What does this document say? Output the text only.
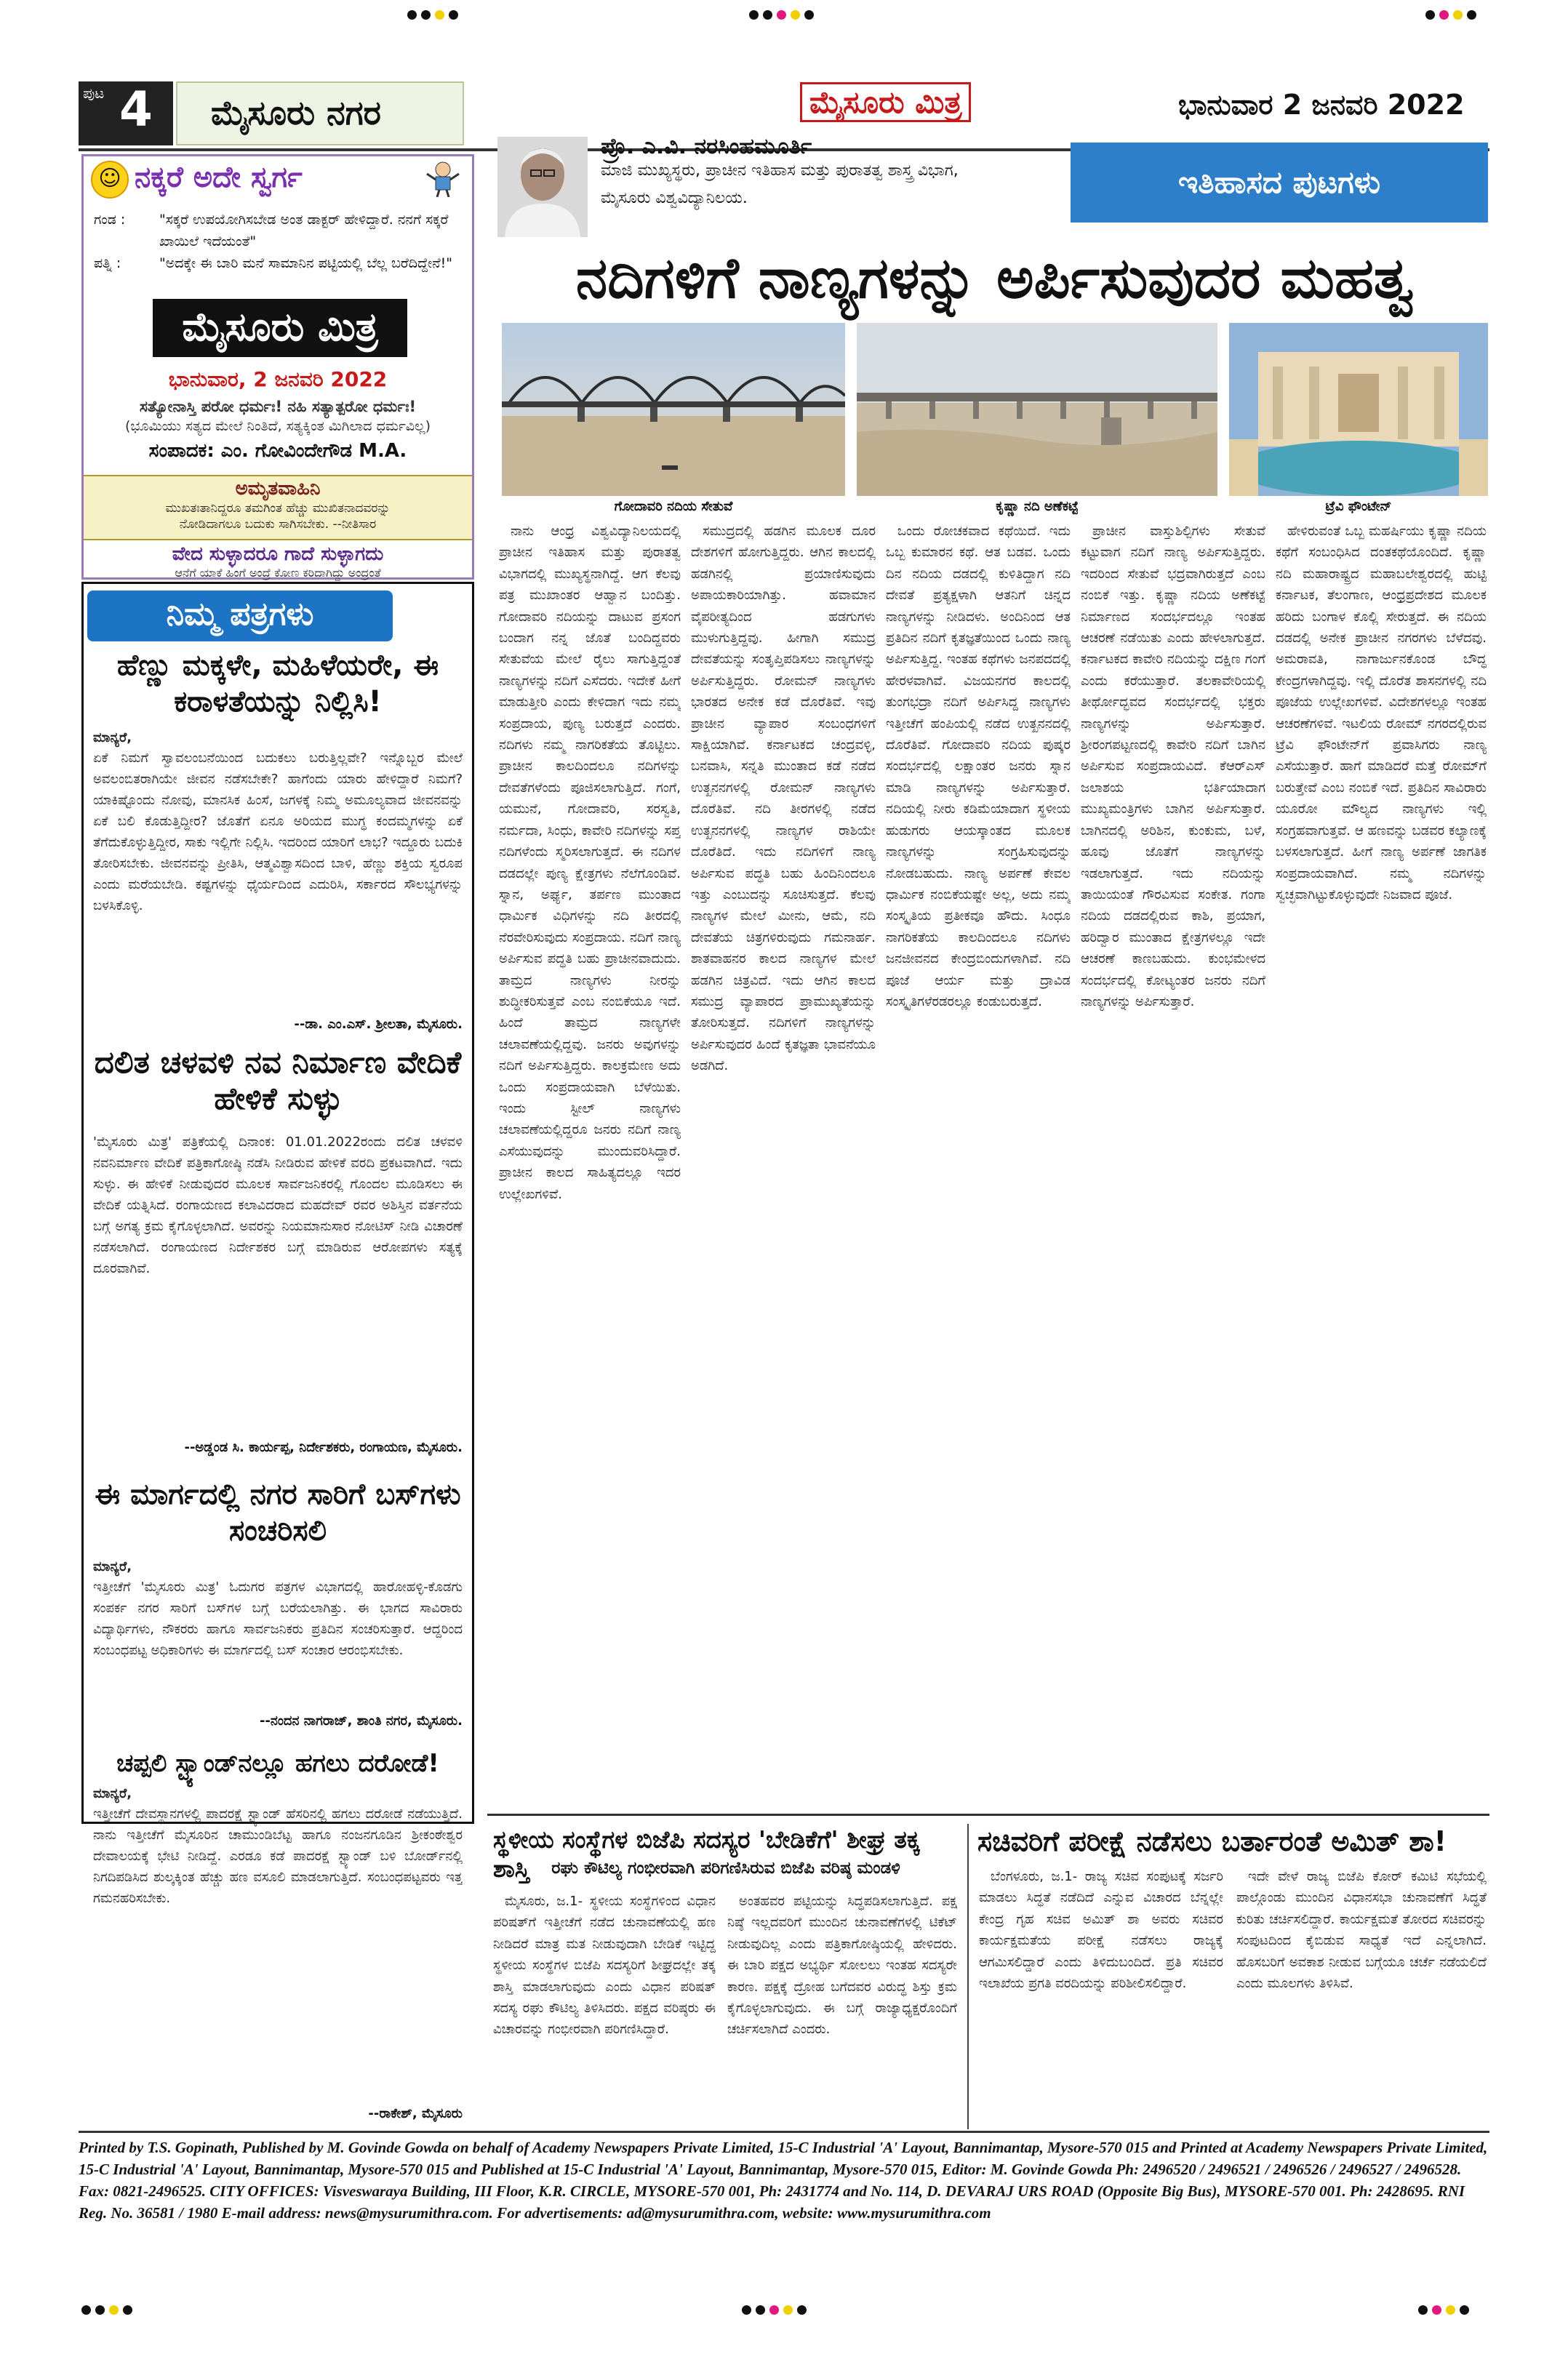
ಪುಟ 4	ಮೈಸೂರು ನಗರ	ಮೈಸೂರು ಮಿತ್ರ	ಭಾನುವಾರ 2 ಜನವರಿ 2022
☺ ನಕ್ಕರೆ ಅದೇ ಸ್ವರ್ಗ
ಗಂಡ :	"ಸಕ್ಕರೆ ಉಪಯೋಗಿಸಬೇಡ ಅಂತ ಡಾಕ್ಟರ್ ಹೇಳಿದ್ದಾರೆ. ನನಗೆ ಸಕ್ಕರೆ ಖಾಯಿಲೆ ಇದೆಯಂತೆ"
ಪತ್ನಿ :	"ಅದಕ್ಕೇ ಈ ಬಾರಿ ಮನೆ ಸಾಮಾನಿನ ಪಟ್ಟಿಯಲ್ಲಿ ಬೆಲ್ಲ ಬರೆದಿದ್ದೇನೆ!"
ಮೈಸೂರು ಮಿತ್ರ
ಭಾನುವಾರ, 2 ಜನವರಿ 2022
ಸತ್ಯೋನಾಸ್ತಿ ಪರೋ ಧರ್ಮಃ! ನಹಿ ಸತ್ಯಾತ್ಪರೋ ಧರ್ಮಃ!
(ಭೂಮಿಯು ಸತ್ಯದ ಮೇಲೆ ನಿಂತಿದೆ, ಸತ್ಯಕ್ಕಿಂತ ಮಿಗಿಲಾದ ಧರ್ಮವಿಲ್ಲ)
ಸಂಪಾದಕ: ಎಂ. ಗೋವಿಂದೇಗೌಡ M.A.
ಅಮೃತವಾಹಿನಿ
ಮುಖತಃತಾನಿದ್ದರೂ ತಮಗಿಂತ ಹೆಚ್ಚು ಮುಖಿತನಾದವರನ್ನು
ನೋಡಿದಾಗಲೂ ಬದುಕು ಸಾಗಿಸಬೇಕು. --ನೀತಿಸಾರ
ವೇದ ಸುಳ್ಳಾದರೂ ಗಾದೆ ಸುಳ್ಳಾಗದು
ಆನೆಗೆ ಯಾಕೆ ಹಿಂಗೆ ಅಂದ್ರೆ ಕೋಣ ಕರಿದಾಗಿದ್ದು ಅಂದ್ರಂತೆ
ನಿಮ್ಮ ಪತ್ರಗಳು
ಹೆಣ್ಣು ಮಕ್ಕಳೇ, ಮಹಿಳೆಯರೇ, ಈ ಕರಾಳತೆಯನ್ನು ನಿಲ್ಲಿಸಿ!
ಮಾನ್ಯರೆ,
ಏಕೆ ನಿಮಗೆ ಸ್ವಾವಲಂಬನೆಯಿಂದ ಬದುಕಲು ಬರುತ್ತಿಲ್ಲವೇ? ಇನ್ನೊಬ್ಬರ ಮೇಲೆ ಅವಲಂಬಿತರಾಗಿಯೇ ಜೀವನ ನಡೆಸಬೇಕೇ? ಹಾಗೆಂದು ಯಾರು ಹೇಳಿದ್ದಾರೆ ನಿಮಗೆ? ಯಾಕಿಷ್ಟೊಂದು ನೋವು, ಮಾನಸಿಕ ಹಿಂಸೆ, ಜಗಳಕ್ಕೆ ನಿಮ್ಮ ಅಮೂಲ್ಯವಾದ ಜೀವನವನ್ನು ಏಕೆ ಬಲಿ ಕೊಡುತ್ತಿದ್ದೀರ? ಜೊತೆಗೆ ಏನೂ ಅರಿಯದ ಮುಗ್ಧ ಕಂದಮ್ಮಗಳನ್ನು ಏಕೆ ತೆಗೆದುಕೊಳ್ಳುತ್ತಿದ್ದೀರ, ಸಾಕು ಇಲ್ಲಿಗೇ ನಿಲ್ಲಿಸಿ. ಇದರಿಂದ ಯಾರಿಗೆ ಲಾಭ? ಇದ್ದೂರು ಬದುಕಿ ತೋರಿಸಬೇಕು. ಜೀವನವನ್ನು ಪ್ರೀತಿಸಿ, ಆತ್ಮವಿಶ್ವಾಸದಿಂದ ಬಾಳಿ, ಹೆಣ್ಣು ಶಕ್ತಿಯ ಸ್ವರೂಪ ಎಂದು ಮರೆಯಬೇಡಿ. ಕಷ್ಟಗಳನ್ನು ಧೈರ್ಯದಿಂದ ಎದುರಿಸಿ, ಸರ್ಕಾರದ ಸೌಲಭ್ಯಗಳನ್ನು ಬಳಸಿಕೊಳ್ಳಿ.
--ಡಾ. ಎಂ.ಎಸ್. ಶ್ರೀಲತಾ, ಮೈಸೂರು.
ದಲಿತ ಚಳವಳಿ ನವ ನಿರ್ಮಾಣ ವೇದಿಕೆ ಹೇಳಿಕೆ ಸುಳ್ಳು
'ಮೈಸೂರು ಮಿತ್ರ' ಪತ್ರಿಕೆಯಲ್ಲಿ ದಿನಾಂಕ: 01.01.2022ರಂದು ದಲಿತ ಚಳವಳಿ ನವನಿರ್ಮಾಣ ವೇದಿಕೆ ಪತ್ರಿಕಾಗೋಷ್ಠಿ ನಡೆಸಿ ನೀಡಿರುವ ಹೇಳಿಕೆ ವರದಿ ಪ್ರಕಟವಾಗಿದೆ. ಇದು ಸುಳ್ಳು. ಈ ಹೇಳಿಕೆ ನೀಡುವುದರ ಮೂಲಕ ಸಾರ್ವಜನಿಕರಲ್ಲಿ ಗೊಂದಲ ಮೂಡಿಸಲು ಈ ವೇದಿಕೆ ಯತ್ನಿಸಿದೆ. ರಂಗಾಯಣದ ಕಲಾವಿದರಾದ ಮಹದೇವ್ ರವರ ಅಶಿಸ್ತಿನ ವರ್ತನೆಯ ಬಗ್ಗೆ ಅಗತ್ಯ ಕ್ರಮ ಕೈಗೊಳ್ಳಲಾಗಿದೆ. ಅವರನ್ನು ನಿಯಮಾನುಸಾರ ನೋಟಿಸ್ ನೀಡಿ ವಿಚಾರಣೆ ನಡೆಸಲಾಗಿದೆ. ರಂಗಾಯಣದ ನಿರ್ದೇಶಕರ ಬಗ್ಗೆ ಮಾಡಿರುವ ಆರೋಪಗಳು ಸತ್ಯಕ್ಕೆ ದೂರವಾಗಿವೆ.
--ಅಡ್ಡಂಡ ಸಿ. ಕಾರ್ಯಪ್ಪ, ನಿರ್ದೇಶಕರು, ರಂಗಾಯಣ, ಮೈಸೂರು.
ಈ ಮಾರ್ಗದಲ್ಲಿ ನಗರ ಸಾರಿಗೆ ಬಸ್‌ಗಳು ಸಂಚರಿಸಲಿ
ಮಾನ್ಯರೆ,
ಇತ್ತೀಚೆಗೆ 'ಮೈಸೂರು ಮಿತ್ರ' ಓದುಗರ ಪತ್ರಗಳ ವಿಭಾಗದಲ್ಲಿ ಹಾರೋಹಳ್ಳಿ-ಕೊಡಗು ಸಂಪರ್ಕ ನಗರ ಸಾರಿಗೆ ಬಸ್‌ಗಳ ಬಗ್ಗೆ ಬರೆಯಲಾಗಿತ್ತು. ಈ ಭಾಗದ ಸಾವಿರಾರು ವಿದ್ಯಾರ್ಥಿಗಳು, ನೌಕರರು ಹಾಗೂ ಸಾರ್ವಜನಿಕರು ಪ್ರತಿದಿನ ಸಂಚರಿಸುತ್ತಾರೆ. ಆದ್ದರಿಂದ ಸಂಬಂಧಪಟ್ಟ ಅಧಿಕಾರಿಗಳು ಈ ಮಾರ್ಗದಲ್ಲಿ ಬಸ್ ಸಂಚಾರ ಆರಂಭಿಸಬೇಕು.
--ನಂದನ ನಾಗರಾಜ್, ಶಾಂತಿ ನಗರ, ಮೈಸೂರು.
ಚಪ್ಪಲಿ ಸ್ಟ್ಯಾಂಡ್‌ನಲ್ಲೂ ಹಗಲು ದರೋಡೆ!
ಮಾನ್ಯರೆ,
ಇತ್ತೀಚೆಗೆ ದೇವಸ್ಥಾನಗಳಲ್ಲಿ ಪಾದರಕ್ಷೆ ಸ್ಟ್ಯಾಂಡ್ ಹೆಸರಿನಲ್ಲಿ ಹಗಲು ದರೋಡೆ ನಡೆಯುತ್ತಿದೆ. ನಾನು ಇತ್ತೀಚೆಗೆ ಮೈಸೂರಿನ ಚಾಮುಂಡಿಬೆಟ್ಟ ಹಾಗೂ ನಂಜನಗೂಡಿನ ಶ್ರೀಕಂಠೇಶ್ವರ ದೇವಾಲಯಕ್ಕೆ ಭೇಟಿ ನೀಡಿದ್ದೆ. ಎರಡೂ ಕಡೆ ಪಾದರಕ್ಷೆ ಸ್ಟ್ಯಾಂಡ್ ಬಳಿ ಬೋರ್ಡ್‌ನಲ್ಲಿ ನಿಗದಿಪಡಿಸಿದ ಶುಲ್ಕಕ್ಕಿಂತ ಹೆಚ್ಚು ಹಣ ವಸೂಲಿ ಮಾಡಲಾಗುತ್ತಿದೆ. ಸಂಬಂಧಪಟ್ಟವರು ಇತ್ತ ಗಮನಹರಿಸಬೇಕು.
--ರಾಕೇಶ್, ಮೈಸೂರು
ಪ್ರೊ. ಎ.ವಿ. ನರಸಿಂಹಮೂರ್ತಿ
ಮಾಜಿ ಮುಖ್ಯಸ್ಥರು, ಪ್ರಾಚೀನ ಇತಿಹಾಸ ಮತ್ತು ಪುರಾತತ್ವ ಶಾಸ್ತ್ರ ವಿಭಾಗ,
ಮೈಸೂರು ವಿಶ್ವವಿದ್ಯಾನಿಲಯ.	ಇತಿಹಾಸದ ಪುಟಗಳು
ನದಿಗಳಿಗೆ ನಾಣ್ಯಗಳನ್ನು ಅರ್ಪಿಸುವುದರ ಮಹತ್ವ
ಗೋದಾವರಿ ನದಿಯ ಸೇತುವೆ	ಕೃಷ್ಣಾ ನದಿ ಅಣೆಕಟ್ಟೆ	ಟ್ರೆವಿ ಫೌಂಟೇನ್

ನಾನು ಆಂಧ್ರ ವಿಶ್ವವಿದ್ಯಾನಿಲಯದಲ್ಲಿ ಪ್ರಾಚೀನ ಇತಿಹಾಸ ಮತ್ತು ಪುರಾತತ್ವ ವಿಭಾಗದಲ್ಲಿ ಮುಖ್ಯಸ್ಥನಾಗಿದ್ದೆ. ಆಗ ಕೆಲವು ಪತ್ರ ಮುಖಾಂತರ ಆಹ್ವಾನ ಬಂದಿತ್ತು. ಗೋದಾವರಿ ನದಿಯನ್ನು ದಾಟುವ ಪ್ರಸಂಗ ಬಂದಾಗ ನನ್ನ ಜೊತೆ ಬಂದಿದ್ದವರು ಸೇತುವೆಯ ಮೇಲೆ ರೈಲು ಸಾಗುತ್ತಿದ್ದಂತೆ ನಾಣ್ಯಗಳನ್ನು ನದಿಗೆ ಎಸೆದರು. ಇದೇಕೆ ಹೀಗೆ ಮಾಡುತ್ತೀರಿ ಎಂದು ಕೇಳಿದಾಗ ಇದು ನಮ್ಮ ಸಂಪ್ರದಾಯ, ಪುಣ್ಯ ಬರುತ್ತದೆ ಎಂದರು. ನದಿಗಳು ನಮ್ಮ ನಾಗರಿಕತೆಯ ತೊಟ್ಟಿಲು. ಪ್ರಾಚೀನ ಕಾಲದಿಂದಲೂ ನದಿಗಳನ್ನು ದೇವತೆಗಳೆಂದು ಪೂಜಿಸಲಾಗುತ್ತಿದೆ. ಗಂಗೆ, ಯಮುನೆ, ಗೋದಾವರಿ, ಸರಸ್ವತಿ, ನರ್ಮದಾ, ಸಿಂಧು, ಕಾವೇರಿ ನದಿಗಳನ್ನು ಸಪ್ತ ನದಿಗಳೆಂದು ಸ್ಮರಿಸಲಾಗುತ್ತದೆ. ಈ ನದಿಗಳ ದಡದಲ್ಲೇ ಪುಣ್ಯ ಕ್ಷೇತ್ರಗಳು ನೆಲೆಗೊಂಡಿವೆ. ಸ್ನಾನ, ಅರ್ಘ್ಯ, ತರ್ಪಣ ಮುಂತಾದ ಧಾರ್ಮಿಕ ವಿಧಿಗಳನ್ನು ನದಿ ತೀರದಲ್ಲಿ ನೆರವೇರಿಸುವುದು ಸಂಪ್ರದಾಯ. ನದಿಗೆ ನಾಣ್ಯ ಅರ್ಪಿಸುವ ಪದ್ಧತಿ ಬಹು ಪ್ರಾಚೀನವಾದುದು. ತಾಮ್ರದ ನಾಣ್ಯಗಳು ನೀರನ್ನು ಶುದ್ಧೀಕರಿಸುತ್ತವೆ ಎಂಬ ನಂಬಿಕೆಯೂ ಇದೆ. ಹಿಂದೆ ತಾಮ್ರದ ನಾಣ್ಯಗಳೇ ಚಲಾವಣೆಯಲ್ಲಿದ್ದವು. ಜನರು ಅವುಗಳನ್ನು ನದಿಗೆ ಅರ್ಪಿಸುತ್ತಿದ್ದರು. ಕಾಲಕ್ರಮೇಣ ಅದು ಒಂದು ಸಂಪ್ರದಾಯವಾಗಿ ಬೆಳೆಯಿತು. ಇಂದು ಸ್ಟೀಲ್ ನಾಣ್ಯಗಳು ಚಲಾವಣೆಯಲ್ಲಿದ್ದರೂ ಜನರು ನದಿಗೆ ನಾಣ್ಯ ಎಸೆಯುವುದನ್ನು ಮುಂದುವರಿಸಿದ್ದಾರೆ. ಪ್ರಾಚೀನ ಕಾಲದ ಸಾಹಿತ್ಯದಲ್ಲೂ ಇದರ ಉಲ್ಲೇಖಗಳಿವೆ.

ಸಮುದ್ರದಲ್ಲಿ ಹಡಗಿನ ಮೂಲಕ ದೂರ ದೇಶಗಳಿಗೆ ಹೋಗುತ್ತಿದ್ದರು. ಆಗಿನ ಕಾಲದಲ್ಲಿ ಹಡಗಿನಲ್ಲಿ ಪ್ರಯಾಣಿಸುವುದು ಅಪಾಯಕಾರಿಯಾಗಿತ್ತು. ಹವಾಮಾನ ವೈಪರೀತ್ಯದಿಂದ ಹಡಗುಗಳು ಮುಳುಗುತ್ತಿದ್ದವು. ಹೀಗಾಗಿ ಸಮುದ್ರ ದೇವತೆಯನ್ನು ಸಂತೃಪ್ತಿಪಡಿಸಲು ನಾಣ್ಯಗಳನ್ನು ಅರ್ಪಿಸುತ್ತಿದ್ದರು. ರೋಮನ್ ನಾಣ್ಯಗಳು ಭಾರತದ ಅನೇಕ ಕಡೆ ದೊರೆತಿವೆ. ಇವು ಪ್ರಾಚೀನ ವ್ಯಾಪಾರ ಸಂಬಂಧಗಳಿಗೆ ಸಾಕ್ಷಿಯಾಗಿವೆ. ಕರ್ನಾಟಕದ ಚಂದ್ರವಳ್ಳಿ, ಬನವಾಸಿ, ಸನ್ನತಿ ಮುಂತಾದ ಕಡೆ ನಡೆದ ಉತ್ಖನನಗಳಲ್ಲಿ ರೋಮನ್ ನಾಣ್ಯಗಳು ದೊರೆತಿವೆ. ನದಿ ತೀರಗಳಲ್ಲಿ ನಡೆದ ಉತ್ಖನನಗಳಲ್ಲಿ ನಾಣ್ಯಗಳ ರಾಶಿಯೇ ದೊರೆತಿದೆ. ಇದು ನದಿಗಳಿಗೆ ನಾಣ್ಯ ಅರ್ಪಿಸುವ ಪದ್ಧತಿ ಬಹು ಹಿಂದಿನಿಂದಲೂ ಇತ್ತು ಎಂಬುದನ್ನು ಸೂಚಿಸುತ್ತದೆ. ಕೆಲವು ನಾಣ್ಯಗಳ ಮೇಲೆ ಮೀನು, ಆಮೆ, ನದಿ ದೇವತೆಯ ಚಿತ್ರಗಳಿರುವುದು ಗಮನಾರ್ಹ. ಶಾತವಾಹನರ ಕಾಲದ ನಾಣ್ಯಗಳ ಮೇಲೆ ಹಡಗಿನ ಚಿತ್ರವಿದೆ. ಇದು ಆಗಿನ ಕಾಲದ ಸಮುದ್ರ ವ್ಯಾಪಾರದ ಪ್ರಾಮುಖ್ಯತೆಯನ್ನು ತೋರಿಸುತ್ತದೆ. ನದಿಗಳಿಗೆ ನಾಣ್ಯಗಳನ್ನು ಅರ್ಪಿಸುವುದರ ಹಿಂದೆ ಕೃತಜ್ಞತಾ ಭಾವನೆಯೂ ಅಡಗಿದೆ.

ಒಂದು ರೋಚಕವಾದ ಕಥೆಯಿದೆ. ಇದು ಒಬ್ಬ ಕುಮಾರನ ಕಥೆ. ಆತ ಬಡವ. ಒಂದು ದಿನ ನದಿಯ ದಡದಲ್ಲಿ ಕುಳಿತಿದ್ದಾಗ ನದಿ ದೇವತೆ ಪ್ರತ್ಯಕ್ಷಳಾಗಿ ಆತನಿಗೆ ಚಿನ್ನದ ನಾಣ್ಯಗಳನ್ನು ನೀಡಿದಳು. ಅಂದಿನಿಂದ ಆತ ಪ್ರತಿದಿನ ನದಿಗೆ ಕೃತಜ್ಞತೆಯಿಂದ ಒಂದು ನಾಣ್ಯ ಅರ್ಪಿಸುತ್ತಿದ್ದ. ಇಂತಹ ಕಥೆಗಳು ಜನಪದದಲ್ಲಿ ಹೇರಳವಾಗಿವೆ. ವಿಜಯನಗರ ಕಾಲದಲ್ಲಿ ತುಂಗಭದ್ರಾ ನದಿಗೆ ಅರ್ಪಿಸಿದ್ದ ನಾಣ್ಯಗಳು ಇತ್ತೀಚೆಗೆ ಹಂಪಿಯಲ್ಲಿ ನಡೆದ ಉತ್ಖನನದಲ್ಲಿ ದೊರೆತಿವೆ. ಗೋದಾವರಿ ನದಿಯ ಪುಷ್ಕರ ಸಂದರ್ಭದಲ್ಲಿ ಲಕ್ಷಾಂತರ ಜನರು ಸ್ನಾನ ಮಾಡಿ ನಾಣ್ಯಗಳನ್ನು ಅರ್ಪಿಸುತ್ತಾರೆ. ನದಿಯಲ್ಲಿ ನೀರು ಕಡಿಮೆಯಾದಾಗ ಸ್ಥಳೀಯ ಹುಡುಗರು ಆಯಸ್ಕಾಂತದ ಮೂಲಕ ನಾಣ್ಯಗಳನ್ನು ಸಂಗ್ರಹಿಸುವುದನ್ನು ನೋಡಬಹುದು. ನಾಣ್ಯ ಅರ್ಪಣೆ ಕೇವಲ ಧಾರ್ಮಿಕ ನಂಬಿಕೆಯಷ್ಟೇ ಅಲ್ಲ, ಅದು ನಮ್ಮ ಸಂಸ್ಕೃತಿಯ ಪ್ರತೀಕವೂ ಹೌದು. ಸಿಂಧೂ ನಾಗರಿಕತೆಯ ಕಾಲದಿಂದಲೂ ನದಿಗಳು ಜನಜೀವನದ ಕೇಂದ್ರಬಿಂದುಗಳಾಗಿವೆ. ನದಿ ಪೂಜೆ ಆರ್ಯ ಮತ್ತು ದ್ರಾವಿಡ ಸಂಸ್ಕೃತಿಗಳೆರಡರಲ್ಲೂ ಕಂಡುಬರುತ್ತದೆ.

ಪ್ರಾಚೀನ ವಾಸ್ತುಶಿಲ್ಪಿಗಳು ಸೇತುವೆ ಕಟ್ಟುವಾಗ ನದಿಗೆ ನಾಣ್ಯ ಅರ್ಪಿಸುತ್ತಿದ್ದರು. ಇದರಿಂದ ಸೇತುವೆ ಭದ್ರವಾಗಿರುತ್ತದೆ ಎಂಬ ನಂಬಿಕೆ ಇತ್ತು. ಕೃಷ್ಣಾ ನದಿಯ ಅಣೆಕಟ್ಟೆ ನಿರ್ಮಾಣದ ಸಂದರ್ಭದಲ್ಲೂ ಇಂತಹ ಆಚರಣೆ ನಡೆಯಿತು ಎಂದು ಹೇಳಲಾಗುತ್ತದೆ. ಕರ್ನಾಟಕದ ಕಾವೇರಿ ನದಿಯನ್ನು ದಕ್ಷಿಣ ಗಂಗೆ ಎಂದು ಕರೆಯುತ್ತಾರೆ. ತಲಕಾವೇರಿಯಲ್ಲಿ ತೀರ್ಥೋದ್ಭವದ ಸಂದರ್ಭದಲ್ಲಿ ಭಕ್ತರು ನಾಣ್ಯಗಳನ್ನು ಅರ್ಪಿಸುತ್ತಾರೆ. ಶ್ರೀರಂಗಪಟ್ಟಣದಲ್ಲಿ ಕಾವೇರಿ ನದಿಗೆ ಬಾಗಿನ ಅರ್ಪಿಸುವ ಸಂಪ್ರದಾಯವಿದೆ. ಕೆಆರ್‌ಎಸ್ ಜಲಾಶಯ ಭರ್ತಿಯಾದಾಗ ಮುಖ್ಯಮಂತ್ರಿಗಳು ಬಾಗಿನ ಅರ್ಪಿಸುತ್ತಾರೆ. ಬಾಗಿನದಲ್ಲಿ ಅರಿಶಿನ, ಕುಂಕುಮ, ಬಳೆ, ಹೂವು ಜೊತೆಗೆ ನಾಣ್ಯಗಳನ್ನು ಇಡಲಾಗುತ್ತದೆ. ಇದು ನದಿಯನ್ನು ತಾಯಿಯಂತೆ ಗೌರವಿಸುವ ಸಂಕೇತ. ಗಂಗಾ ನದಿಯ ದಡದಲ್ಲಿರುವ ಕಾಶಿ, ಪ್ರಯಾಗ, ಹರಿದ್ವಾರ ಮುಂತಾದ ಕ್ಷೇತ್ರಗಳಲ್ಲೂ ಇದೇ ಆಚರಣೆ ಕಾಣಬಹುದು. ಕುಂಭಮೇಳದ ಸಂದರ್ಭದಲ್ಲಿ ಕೋಟ್ಯಂತರ ಜನರು ನದಿಗೆ ನಾಣ್ಯಗಳನ್ನು ಅರ್ಪಿಸುತ್ತಾರೆ.

ಹೇಳಿರುವಂತೆ ಒಬ್ಬ ಮಹರ್ಷಿಯು ಕೃಷ್ಣಾ ನದಿಯ ಕಥೆಗೆ ಸಂಬಂಧಿಸಿದ ದಂತಕಥೆಯೊಂದಿದೆ. ಕೃಷ್ಣಾ ನದಿ ಮಹಾರಾಷ್ಟ್ರದ ಮಹಾಬಲೇಶ್ವರದಲ್ಲಿ ಹುಟ್ಟಿ ಕರ್ನಾಟಕ, ತೆಲಂಗಾಣ, ಆಂಧ್ರಪ್ರದೇಶದ ಮೂಲಕ ಹರಿದು ಬಂಗಾಳ ಕೊಲ್ಲಿ ಸೇರುತ್ತದೆ. ಈ ನದಿಯ ದಡದಲ್ಲಿ ಅನೇಕ ಪ್ರಾಚೀನ ನಗರಗಳು ಬೆಳೆದವು. ಅಮರಾವತಿ, ನಾಗಾರ್ಜುನಕೊಂಡ ಬೌದ್ಧ ಕೇಂದ್ರಗಳಾಗಿದ್ದವು. ಇಲ್ಲಿ ದೊರೆತ ಶಾಸನಗಳಲ್ಲಿ ನದಿ ಪೂಜೆಯ ಉಲ್ಲೇಖಗಳಿವೆ. ವಿದೇಶಗಳಲ್ಲೂ ಇಂತಹ ಆಚರಣೆಗಳಿವೆ. ಇಟಲಿಯ ರೋಮ್ ನಗರದಲ್ಲಿರುವ ಟ್ರೆವಿ ಫೌಂಟೇನ್‌ಗೆ ಪ್ರವಾಸಿಗರು ನಾಣ್ಯ ಎಸೆಯುತ್ತಾರೆ. ಹಾಗೆ ಮಾಡಿದರೆ ಮತ್ತೆ ರೋಮ್‌ಗೆ ಬರುತ್ತೇವೆ ಎಂಬ ನಂಬಿಕೆ ಇದೆ. ಪ್ರತಿದಿನ ಸಾವಿರಾರು ಯೂರೋ ಮೌಲ್ಯದ ನಾಣ್ಯಗಳು ಇಲ್ಲಿ ಸಂಗ್ರಹವಾಗುತ್ತವೆ. ಆ ಹಣವನ್ನು ಬಡವರ ಕಲ್ಯಾಣಕ್ಕೆ ಬಳಸಲಾಗುತ್ತದೆ. ಹೀಗೆ ನಾಣ್ಯ ಅರ್ಪಣೆ ಜಾಗತಿಕ ಸಂಪ್ರದಾಯವಾಗಿದೆ. ನಮ್ಮ ನದಿಗಳನ್ನು ಸ್ವಚ್ಛವಾಗಿಟ್ಟುಕೊಳ್ಳುವುದೇ ನಿಜವಾದ ಪೂಜೆ.

ಸ್ಥಳೀಯ ಸಂಸ್ಥೆಗಳ ಬಿಜೆಪಿ ಸದಸ್ಯರ 'ಬೇಡಿಕೆಗೆ' ಶೀಘ್ರ ತಕ್ಕ ಶಾಸ್ತಿ	ರಘು ಕೌಟಿಲ್ಯ ಗಂಭೀರವಾಗಿ ಪರಿಗಣಿಸಿರುವ ಬಿಜೆಪಿ ವರಿಷ್ಠ ಮಂಡಳಿ

ಮೈಸೂರು, ಜ.1- ಸ್ಥಳೀಯ ಸಂಸ್ಥೆಗಳಿಂದ ವಿಧಾನ ಪರಿಷತ್‌ಗೆ ಇತ್ತೀಚೆಗೆ ನಡೆದ ಚುನಾವಣೆಯಲ್ಲಿ ಹಣ ನೀಡಿದರೆ ಮಾತ್ರ ಮತ ನೀಡುವುದಾಗಿ ಬೇಡಿಕೆ ಇಟ್ಟಿದ್ದ ಸ್ಥಳೀಯ ಸಂಸ್ಥೆಗಳ ಬಿಜೆಪಿ ಸದಸ್ಯರಿಗೆ ಶೀಘ್ರದಲ್ಲೇ ತಕ್ಕ ಶಾಸ್ತಿ ಮಾಡಲಾಗುವುದು ಎಂದು ವಿಧಾನ ಪರಿಷತ್ ಸದಸ್ಯ ರಘು ಕೌಟಿಲ್ಯ ತಿಳಿಸಿದರು. ಪಕ್ಷದ ವರಿಷ್ಠರು ಈ ವಿಚಾರವನ್ನು ಗಂಭೀರವಾಗಿ ಪರಿಗಣಿಸಿದ್ದಾರೆ.

ಅಂತಹವರ ಪಟ್ಟಿಯನ್ನು ಸಿದ್ಧಪಡಿಸಲಾಗುತ್ತಿದೆ. ಪಕ್ಷ ನಿಷ್ಠೆ ಇಲ್ಲದವರಿಗೆ ಮುಂದಿನ ಚುನಾವಣೆಗಳಲ್ಲಿ ಟಿಕೆಟ್ ನೀಡುವುದಿಲ್ಲ ಎಂದು ಪತ್ರಿಕಾಗೋಷ್ಠಿಯಲ್ಲಿ ಹೇಳಿದರು. ಈ ಬಾರಿ ಪಕ್ಷದ ಅಭ್ಯರ್ಥಿ ಸೋಲಲು ಇಂತಹ ಸದಸ್ಯರೇ ಕಾರಣ. ಪಕ್ಷಕ್ಕೆ ದ್ರೋಹ ಬಗೆದವರ ವಿರುದ್ಧ ಶಿಸ್ತು ಕ್ರಮ ಕೈಗೊಳ್ಳಲಾಗುವುದು. ಈ ಬಗ್ಗೆ ರಾಜ್ಯಾಧ್ಯಕ್ಷರೊಂದಿಗೆ ಚರ್ಚಿಸಲಾಗಿದೆ ಎಂದರು.

ಸಚಿವರಿಗೆ ಪರೀಕ್ಷೆ ನಡೆಸಲು ಬರ್ತಾರಂತೆ ಅಮಿತ್ ಶಾ!

ಬೆಂಗಳೂರು, ಜ.1- ರಾಜ್ಯ ಸಚಿವ ಸಂಪುಟಕ್ಕೆ ಸರ್ಜರಿ ಮಾಡಲು ಸಿದ್ಧತೆ ನಡೆದಿದೆ ಎನ್ನುವ ವಿಚಾರದ ಬೆನ್ನಲ್ಲೇ ಕೇಂದ್ರ ಗೃಹ ಸಚಿವ ಅಮಿತ್ ಶಾ ಅವರು ಸಚಿವರ ಕಾರ್ಯಕ್ಷಮತೆಯ ಪರೀಕ್ಷೆ ನಡೆಸಲು ರಾಜ್ಯಕ್ಕೆ ಆಗಮಿಸಲಿದ್ದಾರೆ ಎಂದು ತಿಳಿದುಬಂದಿದೆ. ಪ್ರತಿ ಸಚಿವರ ಇಲಾಖೆಯ ಪ್ರಗತಿ ವರದಿಯನ್ನು ಪರಿಶೀಲಿಸಲಿದ್ದಾರೆ.

ಇದೇ ವೇಳೆ ರಾಜ್ಯ ಬಿಜೆಪಿ ಕೋರ್ ಕಮಿಟಿ ಸಭೆಯಲ್ಲಿ ಪಾಲ್ಗೊಂಡು ಮುಂದಿನ ವಿಧಾನಸಭಾ ಚುನಾವಣೆಗೆ ಸಿದ್ಧತೆ ಕುರಿತು ಚರ್ಚಿಸಲಿದ್ದಾರೆ. ಕಾರ್ಯಕ್ಷಮತೆ ತೋರದ ಸಚಿವರನ್ನು ಸಂಪುಟದಿಂದ ಕೈಬಿಡುವ ಸಾಧ್ಯತೆ ಇದೆ ಎನ್ನಲಾಗಿದೆ. ಹೊಸಬರಿಗೆ ಅವಕಾಶ ನೀಡುವ ಬಗ್ಗೆಯೂ ಚರ್ಚೆ ನಡೆಯಲಿದೆ ಎಂದು ಮೂಲಗಳು ತಿಳಿಸಿವೆ.

Printed by T.S. Gopinath, Published by M. Govinde Gowda on behalf of Academy Newspapers Private Limited, 15-C Industrial 'A' Layout, Bannimantap, Mysore-570 015 and Printed at Academy Newspapers Private Limited, 15-C Industrial 'A' Layout, Bannimantap, Mysore-570 015 and Published at 15-C Industrial 'A' Layout, Bannimantap, Mysore-570 015, Editor: M. Govinde Gowda Ph: 2496520 / 2496521 / 2496526 / 2496527 / 2496528. Fax: 0821-2496525. CITY OFFICES: Visveswaraya Building, III Floor, K.R. CIRCLE, MYSORE-570 001, Ph: 2431774 and No. 114, D. DEVARAJ URS ROAD (Opposite Big Bus), MYSORE-570 001. Ph: 2428695. RNI Reg. No. 36581 / 1980 E-mail address: news@mysurumithra.com. For advertisements: ad@mysurumithra.com, website: www.mysurumithra.com
